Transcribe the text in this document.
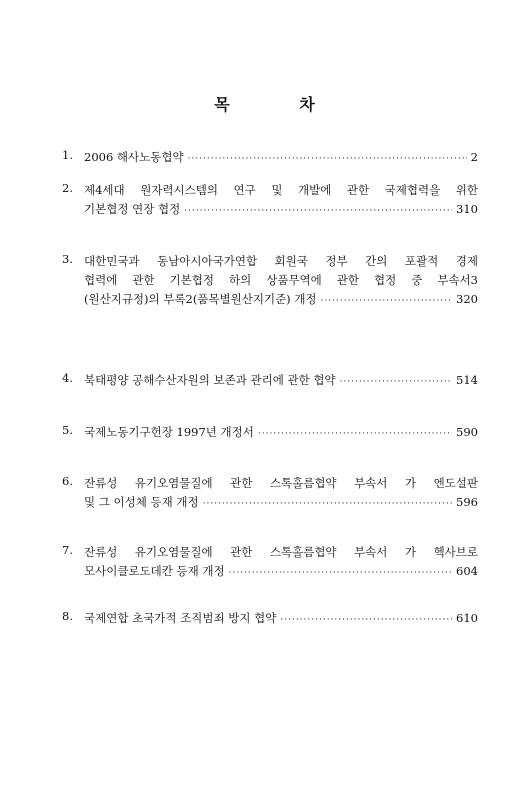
목 차
1. 2006 해사노동협약 ·····	2
2. 제4세대 원자력시스템의 연구 및 개발에 관한 국제협력을 위한
기본협정 연장 협정 ·····	310
3. 대한민국과 동남아시아국가연합 회원국 정부 간의 포괄적 경제
협력에 관한 기본협정 하의 상품무역에 관한 협정 중 부속서3
(원산지규정)의 부록2(품목별원산지기준) 개정 ·····	320
4. 북태평양 공해수산자원의 보존과 관리에 관한 협약 ·····	514
5. 국제노동기구헌장 1997년 개정서 ·····	590
6. 잔류성 유기오염물질에 관한 스톡홀름협약 부속서 가 엔도설판
및 그 이성체 등재 개정 ·····	596
7. 잔류성 유기오염물질에 관한 스톡홀름협약 부속서 가 헥사브로
모사이클로도데칸 등재 개정 ·····	604
8. 국제연합 초국가적 조직범죄 방지 협약 ·····	610
